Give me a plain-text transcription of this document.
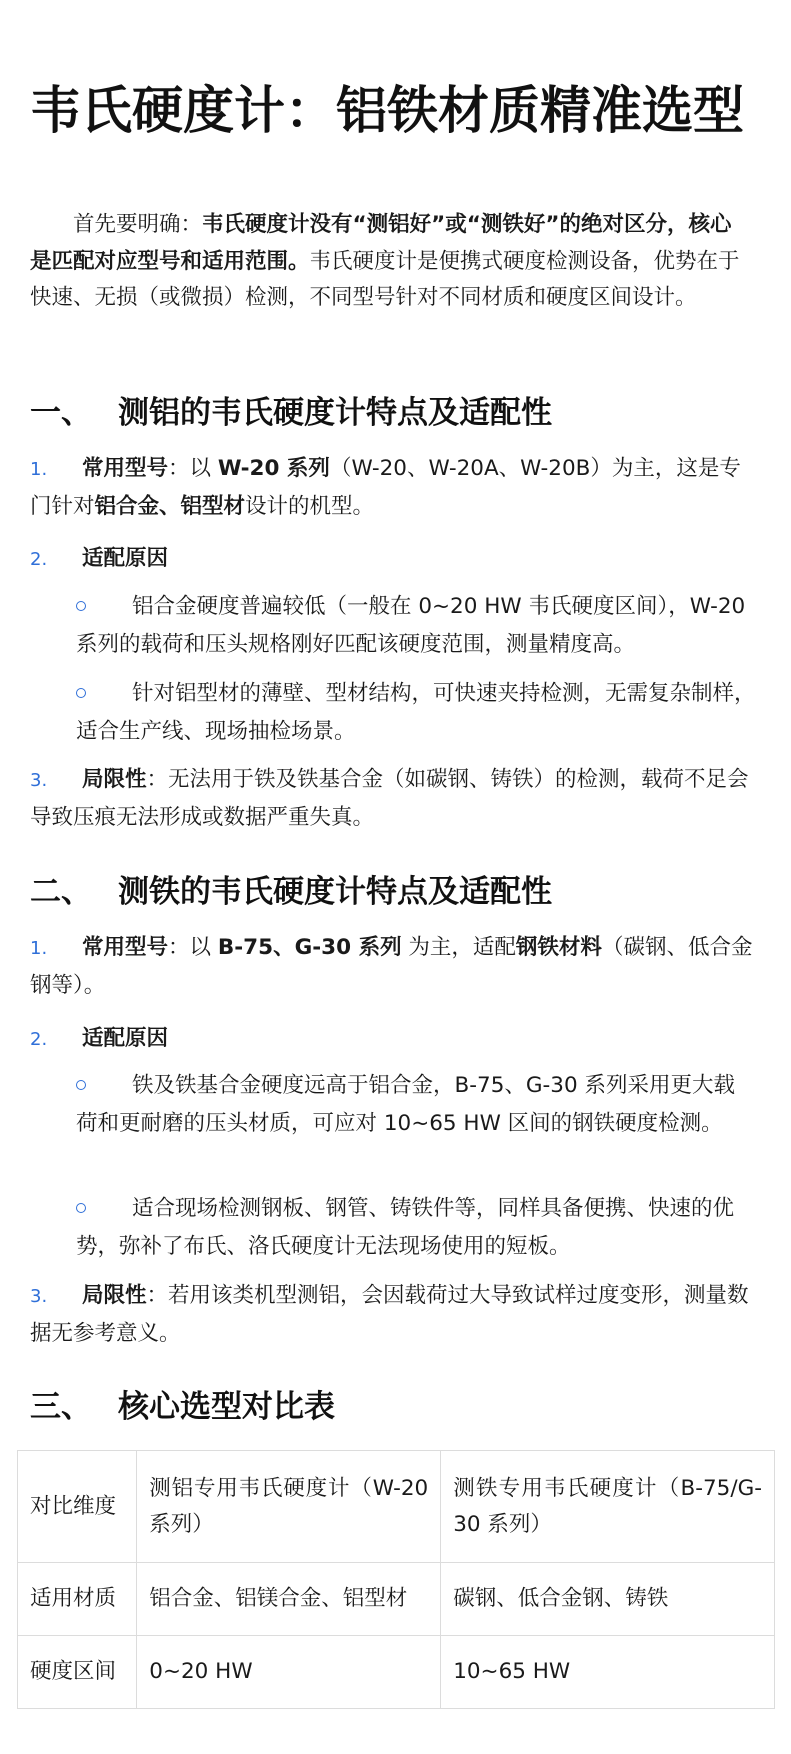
韦氏硬度计：铝铁材质精准选型

首先要明确：韦氏硬度计没有“测铝好”或“测铁好”的绝对区分，核心是匹配对应型号和适用范围。韦氏硬度计是便携式硬度检测设备，优势在于快速、无损（或微损）检测，不同型号针对不同材质和硬度区间设计。

一、 测铝的韦氏硬度计特点及适配性

1. 常用型号：以 W-20 系列（W-20、W-20A、W-20B）为主，这是专门针对铝合金、铝型材设计的机型。

2. 适配原因

铝合金硬度普遍较低（一般在 0~20 HW 韦氏硬度区间），W-20 系列的载荷和压头规格刚好匹配该硬度范围，测量精度高。

针对铝型材的薄壁、型材结构，可快速夹持检测，无需复杂制样，适合生产线、现场抽检场景。

3. 局限性：无法用于铁及铁基合金（如碳钢、铸铁）的检测，载荷不足会导致压痕无法形成或数据严重失真。

二、 测铁的韦氏硬度计特点及适配性

1. 常用型号：以 B-75、G-30 系列 为主，适配钢铁材料（碳钢、低合金钢等）。

2. 适配原因

铁及铁基合金硬度远高于铝合金，B-75、G-30 系列采用更大载荷和更耐磨的压头材质，可应对 10~65 HW 区间的钢铁硬度检测。

适合现场检测钢板、钢管、铸铁件等，同样具备便携、快速的优势，弥补了布氏、洛氏硬度计无法现场使用的短板。

3. 局限性：若用该类机型测铝，会因载荷过大导致试样过度变形，测量数据无参考意义。

三、 核心选型对比表
对比维度	测铝专用韦氏硬度计（W-20 系列）	测铁专用韦氏硬度计（B-75/G-30 系列）
适用材质	铝合金、铝镁合金、铝型材	碳钢、低合金钢、铸铁
硬度区间	0~20 HW	10~65 HW
